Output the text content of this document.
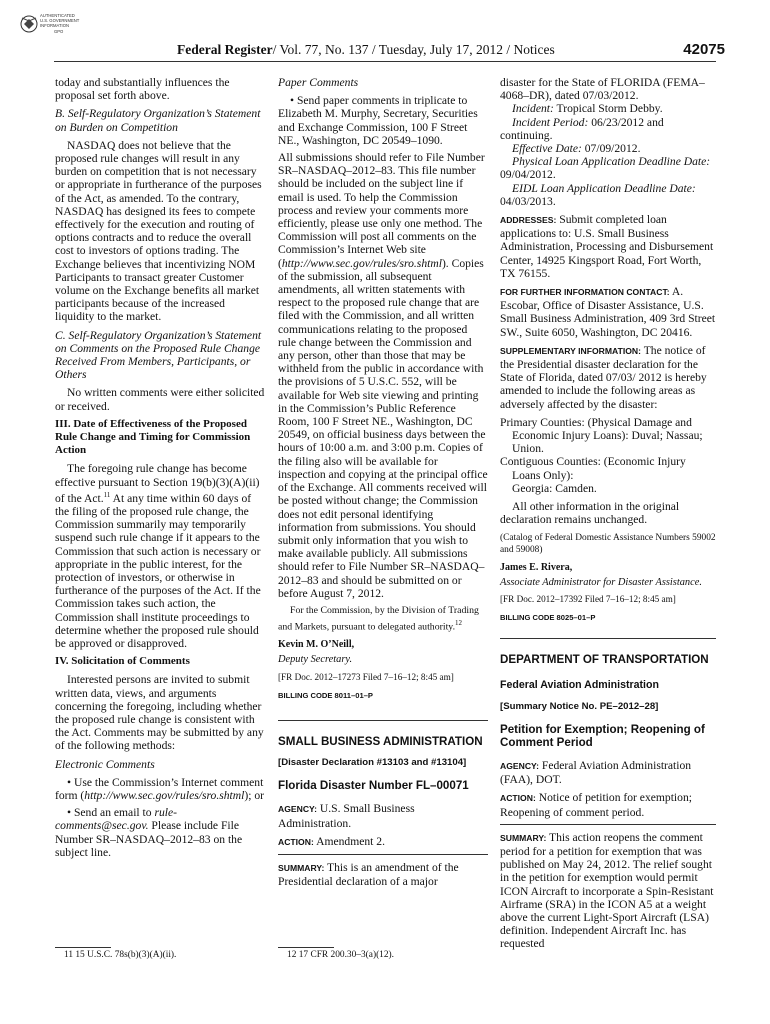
AUTHENTICATED
U.S. GOVERNMENT
INFORMATION
GPO
Federal Register/ Vol. 77, No. 137 / Tuesday, July 17, 2012 / Notices	42075

today and substantially influences the proposal set forth above.

B. Self-Regulatory Organization’s Statement on Burden on Competition

NASDAQ does not believe that the proposed rule changes will result in any burden on competition that is not necessary or appropriate in furtherance of the purposes of the Act, as amended. To the contrary, NASDAQ has designed its fees to compete effectively for the execution and routing of options contracts and to reduce the overall cost to investors of options trading. The Exchange believes that incentivizing NOM Participants to transact greater Customer volume on the Exchange benefits all market participants because of the increased liquidity to the market.

C. Self-Regulatory Organization’s Statement on Comments on the Proposed Rule Change Received From Members, Participants, or Others

No written comments were either solicited or received.

III. Date of Effectiveness of the Proposed Rule Change and Timing for Commission Action

The foregoing rule change has become effective pursuant to Section 19(b)(3)(A)(ii) of the Act.$^{11}$ At any time within 60 days of the filing of the proposed rule change, the Commission summarily may temporarily suspend such rule change if it appears to the Commission that such action is necessary or appropriate in the public interest, for the protection of investors, or otherwise in furtherance of the purposes of the Act. If the Commission takes such action, the Commission shall institute proceedings to determine whether the proposed rule should be approved or disapproved.

IV. Solicitation of Comments

Interested persons are invited to submit written data, views, and arguments concerning the foregoing, including whether the proposed rule change is consistent with the Act. Comments may be submitted by any of the following methods:

Electronic Comments

• Use the Commission’s Internet comment form (http://www.sec.gov/rules/sro.shtml); or

• Send an email to rule-comments@sec.gov. Please include File Number SR–NASDAQ–2012–83 on the subject line.

11 15 U.S.C. 78s(b)(3)(A)(ii).

Paper Comments

• Send paper comments in triplicate to Elizabeth M. Murphy, Secretary, Securities and Exchange Commission, 100 F Street NE., Washington, DC 20549–1090.

All submissions should refer to File Number SR–NASDAQ–2012–83. This file number should be included on the subject line if email is used. To help the Commission process and review your comments more efficiently, please use only one method. The Commission will post all comments on the Commission’s Internet Web site (http://www.sec.gov/rules/sro.shtml). Copies of the submission, all subsequent amendments, all written statements with respect to the proposed rule change that are filed with the Commission, and all written communications relating to the proposed rule change between the Commission and any person, other than those that may be withheld from the public in accordance with the provisions of 5 U.S.C. 552, will be available for Web site viewing and printing in the Commission’s Public Reference Room, 100 F Street NE., Washington, DC 20549, on official business days between the hours of 10:00 a.m. and 3:00 p.m. Copies of the filing also will be available for inspection and copying at the principal office of the Exchange. All comments received will be posted without change; the Commission does not edit personal identifying information from submissions. You should submit only information that you wish to make available publicly. All submissions should refer to File Number SR–NASDAQ–2012–83 and should be submitted on or before August 7, 2012.

For the Commission, by the Division of Trading and Markets, pursuant to delegated authority.$^{12}$

Kevin M. O’Neill,

Deputy Secretary.

[FR Doc. 2012–17273 Filed 7–16–12; 8:45 am]

BILLING CODE 8011–01–P

SMALL BUSINESS ADMINISTRATION

[Disaster Declaration #13103 and #13104]

Florida Disaster Number FL–00071

AGENCY: U.S. Small Business Administration.

ACTION: Amendment 2.

SUMMARY: This is an amendment of the Presidential declaration of a major

12 17 CFR 200.30–3(a)(12).

disaster for the State of FLORIDA (FEMA–4068–DR), dated 07/03/2012.

Incident: Tropical Storm Debby.

Incident Period: 06/23/2012 and continuing.

Effective Date: 07/09/2012.

Physical Loan Application Deadline Date: 09/04/2012.

EIDL Loan Application Deadline Date: 04/03/2013.

ADDRESSES: Submit completed loan applications to: U.S. Small Business Administration, Processing and Disbursement Center, 14925 Kingsport Road, Fort Worth, TX 76155.

FOR FURTHER INFORMATION CONTACT: A. Escobar, Office of Disaster Assistance, U.S. Small Business Administration, 409 3rd Street SW., Suite 6050, Washington, DC 20416.

SUPPLEMENTARY INFORMATION: The notice of the Presidential disaster declaration for the State of Florida, dated 07/03/ 2012 is hereby amended to include the following areas as adversely affected by the disaster:

Primary Counties: (Physical Damage and Economic Injury Loans): Duval; Nassau; Union.

Contiguous Counties: (Economic Injury Loans Only):

Georgia: Camden.

All other information in the original declaration remains unchanged.

(Catalog of Federal Domestic Assistance Numbers 59002 and 59008)

James E. Rivera,

Associate Administrator for Disaster Assistance.

[FR Doc. 2012–17392 Filed 7–16–12; 8:45 am]

BILLING CODE 8025–01–P

DEPARTMENT OF TRANSPORTATION

Federal Aviation Administration

[Summary Notice No. PE–2012–28]

Petition for Exemption; Reopening of Comment Period

AGENCY: Federal Aviation Administration (FAA), DOT.

ACTION: Notice of petition for exemption; Reopening of comment period.

SUMMARY: This action reopens the comment period for a petition for exemption that was published on May 24, 2012. The relief sought in the petition for exemption would permit ICON Aircraft to incorporate a Spin-Resistant Airframe (SRA) in the ICON A5 at a weight above the current Light-Sport Aircraft (LSA) definition. Independent Aircraft Inc. has requested
